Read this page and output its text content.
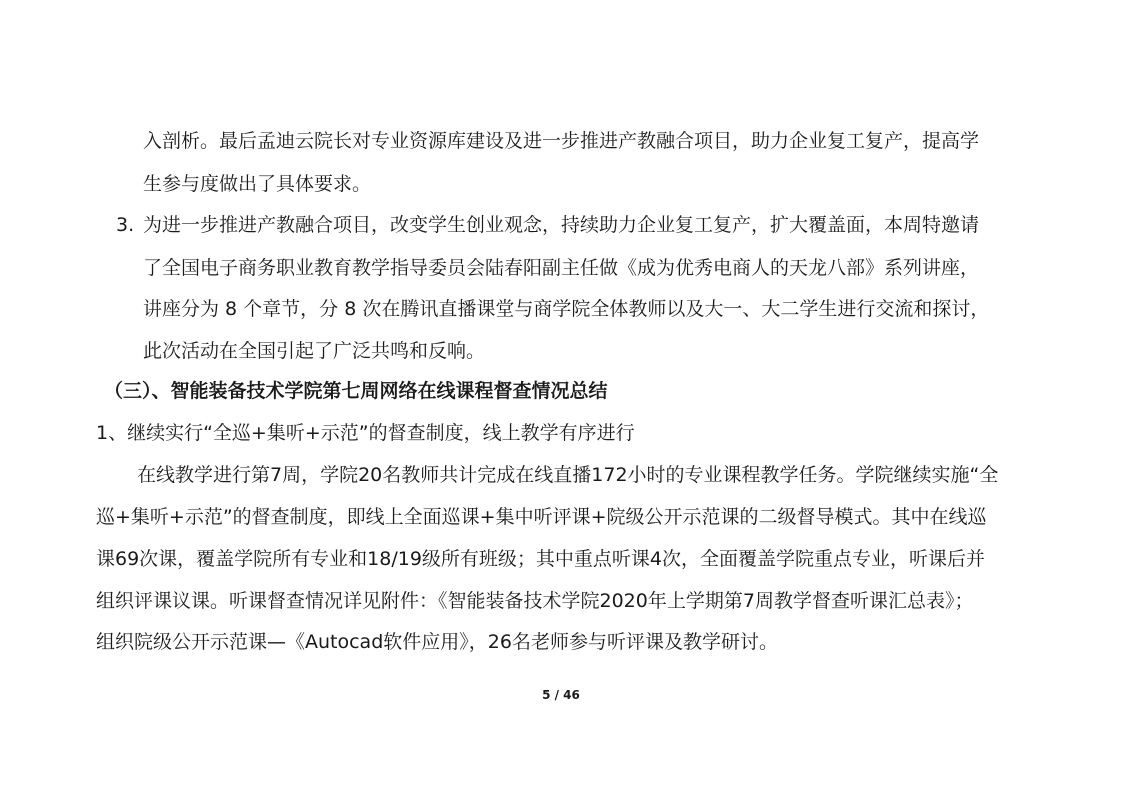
入剖析。最后孟迪云院长对专业资源库建设及进一步推进产教融合项目，助力企业复工复产，提高学
生参与度做出了具体要求。
3. 为进一步推进产教融合项目，改变学生创业观念，持续助力企业复工复产，扩大覆盖面，本周特邀请
了全国电子商务职业教育教学指导委员会陆春阳副主任做《成为优秀电商人的天龙八部》系列讲座，
讲座分为 8 个章节，分 8 次在腾讯直播课堂与商学院全体教师以及大一、大二学生进行交流和探讨，
此次活动在全国引起了广泛共鸣和反响。
（三）、智能装备技术学院第七周网络在线课程督查情况总结
1、继续实行“全巡+集听+示范”的督查制度，线上教学有序进行
在线教学进行第7周，学院20名教师共计完成在线直播172小时的专业课程教学任务。学院继续实施“全
巡+集听+示范”的督查制度，即线上全面巡课+集中听评课+院级公开示范课的二级督导模式。其中在线巡
课69次课，覆盖学院所有专业和18/19级所有班级；其中重点听课4次，全面覆盖学院重点专业，听课后并
组织评课议课。听课督查情况详见附件：《智能装备技术学院2020年上学期第7周教学督查听课汇总表》；
组织院级公开示范课—《Autocad软件应用》，26名老师参与听评课及教学研讨。
5 / 46
